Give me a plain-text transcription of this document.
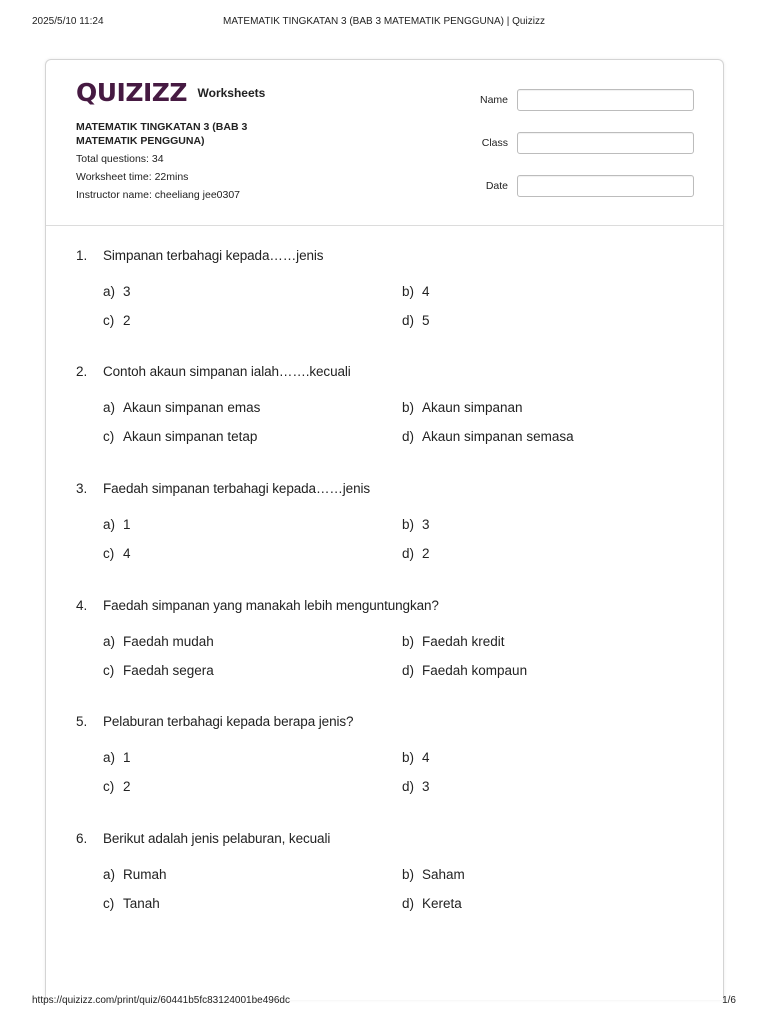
2025/5/10 11:24	MATEMATIK TINGKATAN 3 (BAB 3 MATEMATIK PENGGUNA) | Quizizz
QUIZIZZ Worksheets
MATEMATIK TINGKATAN 3 (BAB 3 MATEMATIK PENGGUNA)
Total questions: 34
Worksheet time: 22mins
Instructor name: cheeliang jee0307
Name
Class
Date
1. Simpanan terbahagi kepada……jenis
a) 3	b) 4
c) 2	d) 5
2. Contoh akaun simpanan ialah…….kecuali
a) Akaun simpanan emas	b) Akaun simpanan
c) Akaun simpanan tetap	d) Akaun simpanan semasa
3. Faedah simpanan terbahagi kepada……jenis
a) 1	b) 3
c) 4	d) 2
4. Faedah simpanan yang manakah lebih menguntungkan?
a) Faedah mudah	b) Faedah kredit
c) Faedah segera	d) Faedah kompaun
5. Pelaburan terbahagi kepada berapa jenis?
a) 1	b) 4
c) 2	d) 3
6. Berikut adalah jenis pelaburan, kecuali
a) Rumah	b) Saham
c) Tanah	d) Kereta
https://quizizz.com/print/quiz/60441b5fc83124001be496dc	1/6
